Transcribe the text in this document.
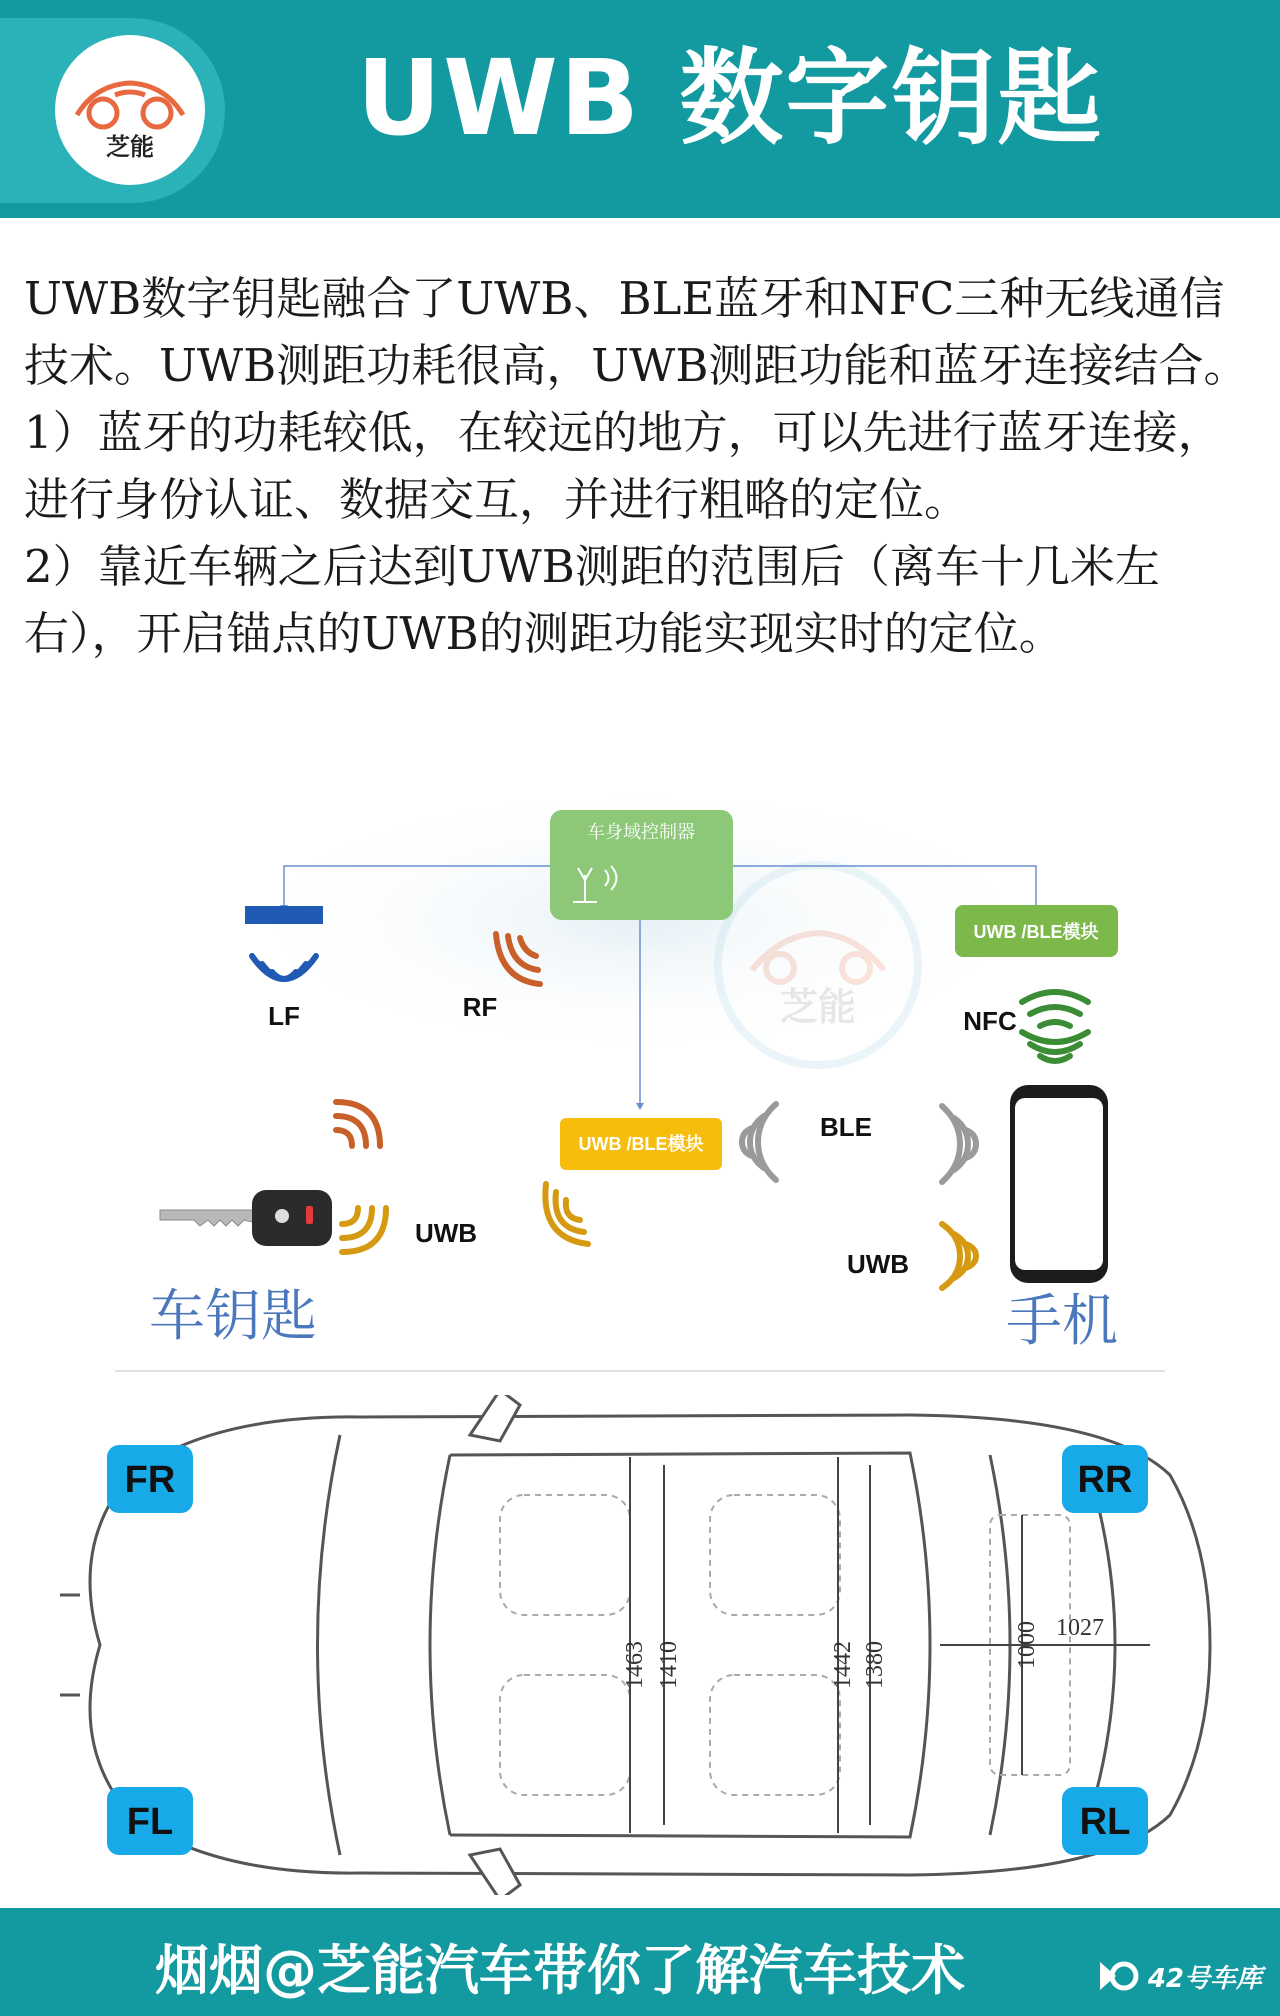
芝能	UWB 数字钥匙

UWB数字钥匙融合了UWB、BLE蓝牙和NFC三种无线通信技术。UWB测距功耗很高，UWB测距功能和蓝牙连接结合。

1）蓝牙的功耗较低，在较远的地方，可以先进行蓝牙连接，进行身份认证、数据交互，并进行粗略的定位。

2）靠近车辆之后达到UWB测距的范围后（离车十几米左右），开启锚点的UWB的测距功能实现实时的定位。

芝能
车身域控制器
LF	RF
UWB /BLE模块
NFC
UWB /BLE模块
BLE
UWB
车钥匙
UWB
手机
1463 1410	1442 1380	1000 1027
FR	RR
FL	RL
烟烟@芝能汽车带你了解汽车技术	42号车库
